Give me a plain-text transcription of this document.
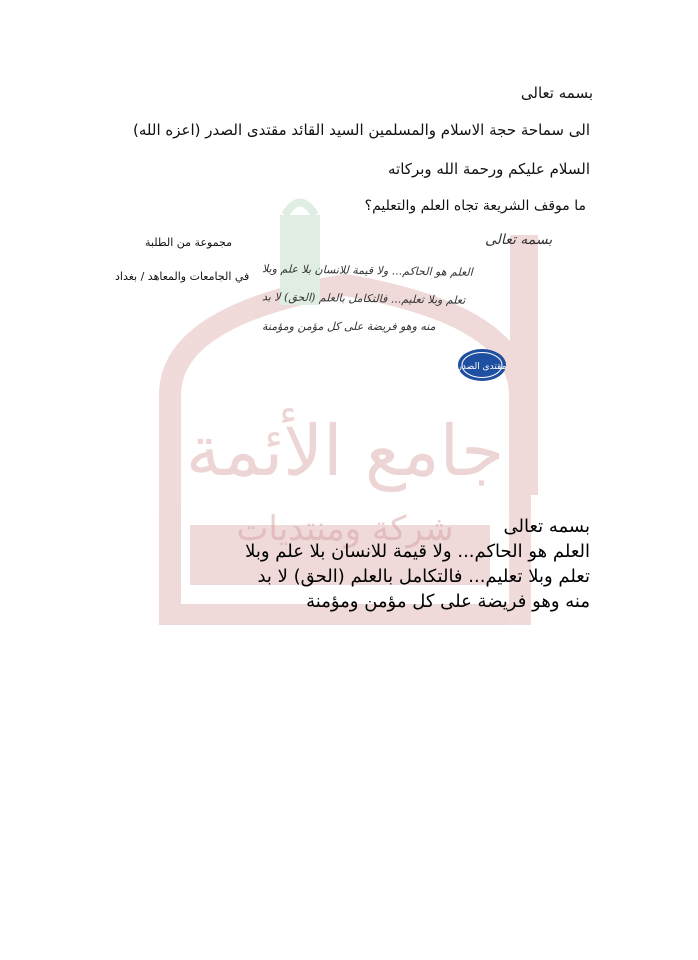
جامع الأئمة
شركة ومنتديات
بسمه تعالى
الى سماحة حجة الاسلام والمسلمين السيد القائد مقتدى الصدر (اعزه الله)
السلام عليكم ورحمة الله وبركاته
ما موقف الشريعة تجاه العلم والتعليم؟
مجموعة من الطلبة
في الجامعات والمعاهد / بغداد
بسمه تعالى
العلم هو الحاكم... ولا قيمة للانسان بلا علم وبلا
تعلم وبلا تعليم... فالتكامل بالعلم (الحق) لا بد
منه وهو فريضة على كل مؤمن ومؤمنة
مقتدى الصدر
بسمه تعالى
العلم هو الحاكم... ولا قيمة للانسان بلا علم وبلا
تعلم وبلا تعليم... فالتكامل بالعلم (الحق) لا بد
منه وهو فريضة على كل مؤمن ومؤمنة
